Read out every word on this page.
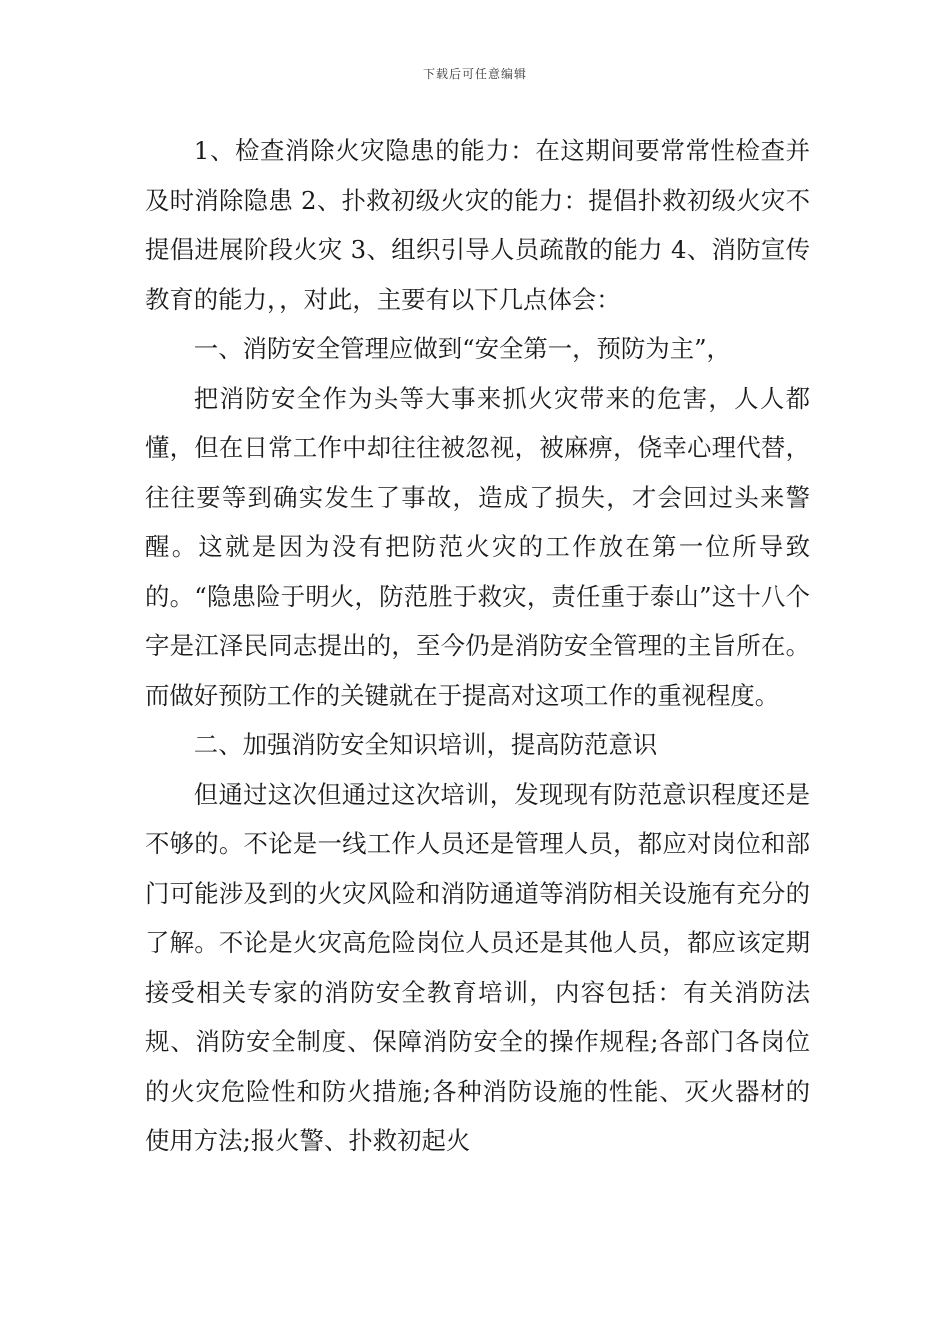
下载后可任意编辑

1、检查消除火灾隐患的能力：在这期间要常常性检查并及时消除隐患 2、扑救初级火灾的能力：提倡扑救初级火灾不提倡进展阶段火灾 3、组织引导人员疏散的能力 4、消防宣传教育的能力，，对此，主要有以下几点体会：

一、消防安全管理应做到“安全第一，预防为主”，

把消防安全作为头等大事来抓火灾带来的危害，人人都懂，但在日常工作中却往往被忽视，被麻痹，侥幸心理代替，往往要等到确实发生了事故，造成了损失，才会回过头来警醒。这就是因为没有把防范火灾的工作放在第一位所导致的。“隐患险于明火，防范胜于救灾，责任重于泰山”这十八个字是江泽民同志提出的，至今仍是消防安全管理的主旨所在。而做好预防工作的关键就在于提高对这项工作的重视程度。

二、加强消防安全知识培训，提高防范意识

但通过这次但通过这次培训，发现现有防范意识程度还是不够的。不论是一线工作人员还是管理人员，都应对岗位和部门可能涉及到的火灾风险和消防通道等消防相关设施有充分的了解。不论是火灾高危险岗位人员还是其他人员，都应该定期接受相关专家的消防安全教育培训，内容包括：有关消防法规、消防安全制度、保障消防安全的操作规程;各部门各岗位的火灾危险性和防火措施;各种消防设施的性能、灭火器材的使用方法;报火警、扑救初起火
